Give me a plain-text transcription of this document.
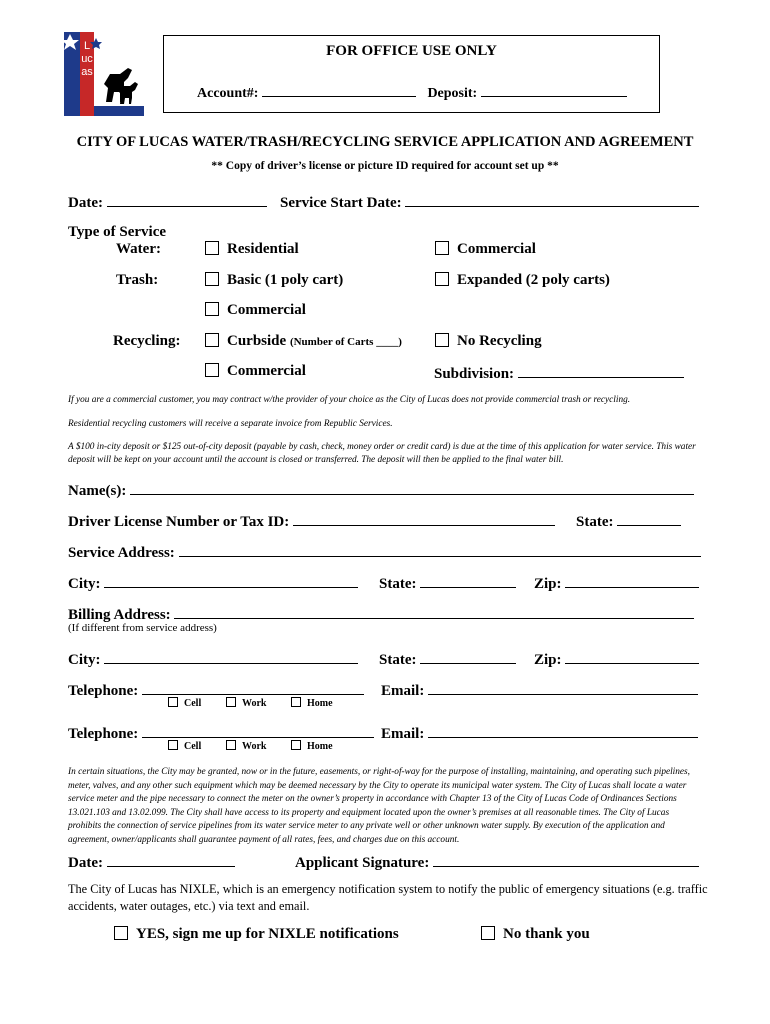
Lucas
FOR OFFICE USE ONLY
Account#:	Deposit:
CITY OF LUCAS WATER/TRASH/RECYCLING SERVICE APPLICATION AND AGREEMENT
** Copy of driver’s license or picture ID required for account set up **
Date:	Service Start Date:
Type of Service
Water:	Residential	Commercial
Trash:	Basic (1 poly cart)	Expanded (2 poly carts)
Commercial
Recycling:	Curbside (Number of Carts ____)	No Recycling
Commercial	Subdivision:
If you are a commercial customer, you may contract w/the provider of your choice as the City of Lucas does not provide commercial trash or recycling.
Residential recycling customers will receive a separate invoice from Republic Services.
A $100 in-city deposit or $125 out-of-city deposit (payable by cash, check, money order or credit card) is due at the time of this application for water service. This water deposit will be kept on your account until the account is closed or transferred. The deposit will then be applied to the final water bill.
Name(s):
Driver License Number or Tax ID:	State:
Service Address:
City:	State:	Zip:
Billing Address:
(If different from service address)
City:	State:	Zip:
Telephone:	Email:
Cell	Work	Home
Telephone:	Email:
Cell	Work	Home
In certain situations, the City may be granted, now or in the future, easements, or right-of-way for the purpose of installing, maintaining, and operating such pipelines, meter, valves, and any other such equipment which may be deemed necessary by the City to operate its municipal water system. The City of Lucas shall locate a water service meter and the pipe necessary to connect the meter on the owner’s property in accordance with Chapter 13 of the City of Lucas Code of Ordinances Sections 13.021.103 and 13.02.099. The City shall have access to its property and equipment located upon the owner’s premises at all reasonable times. The City of Lucas prohibits the connection of service pipelines from its water service meter to any private well or other unknown water supply. By execution of the application and agreement, owner/applicants shall guarantee payment of all rates, fees, and charges due on this account.
Date:	Applicant Signature:
The City of Lucas has NIXLE, which is an emergency notification system to notify the public of emergency situations (e.g. traffic accidents, water outages, etc.) via text and email.
YES, sign me up for NIXLE notifications	No thank you
